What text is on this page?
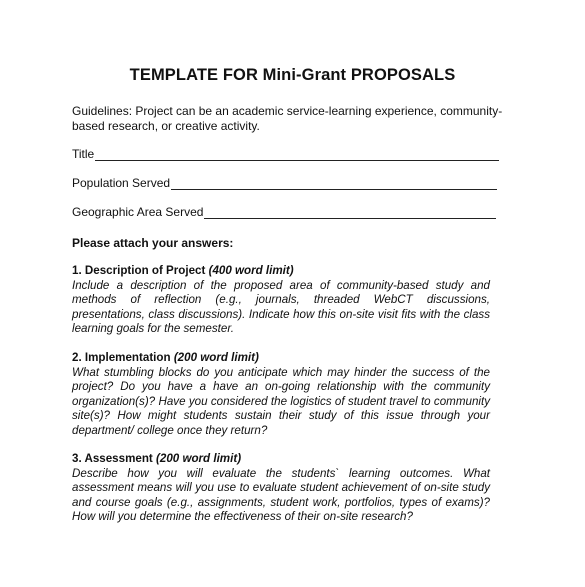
TEMPLATE FOR Mini-Grant PROPOSALS
Guidelines: Project can be an academic service-learning experience, community-based research, or creative activity.
Title
Population Served
Geographic Area Served
Please attach your answers:
1. Description of Project (400 word limit)
Include a description of the proposed area of community-based study and methods of reflection (e.g., journals, threaded WebCT discussions, presentations, class discussions). Indicate how this on-site visit fits with the class learning goals for the semester.
2. Implementation (200 word limit)
What stumbling blocks do you anticipate which may hinder the success of the project? Do you have a have an on-going relationship with the community organization(s)? Have you considered the logistics of student travel to community site(s)? How might students sustain their study of this issue through your department/ college once they return?
3. Assessment (200 word limit)
Describe how you will evaluate the students` learning outcomes. What assessment means will you use to evaluate student achievement of on-site study and course goals (e.g., assignments, student work, portfolios, types of exams)? How will you determine the effectiveness of their on-site research?
